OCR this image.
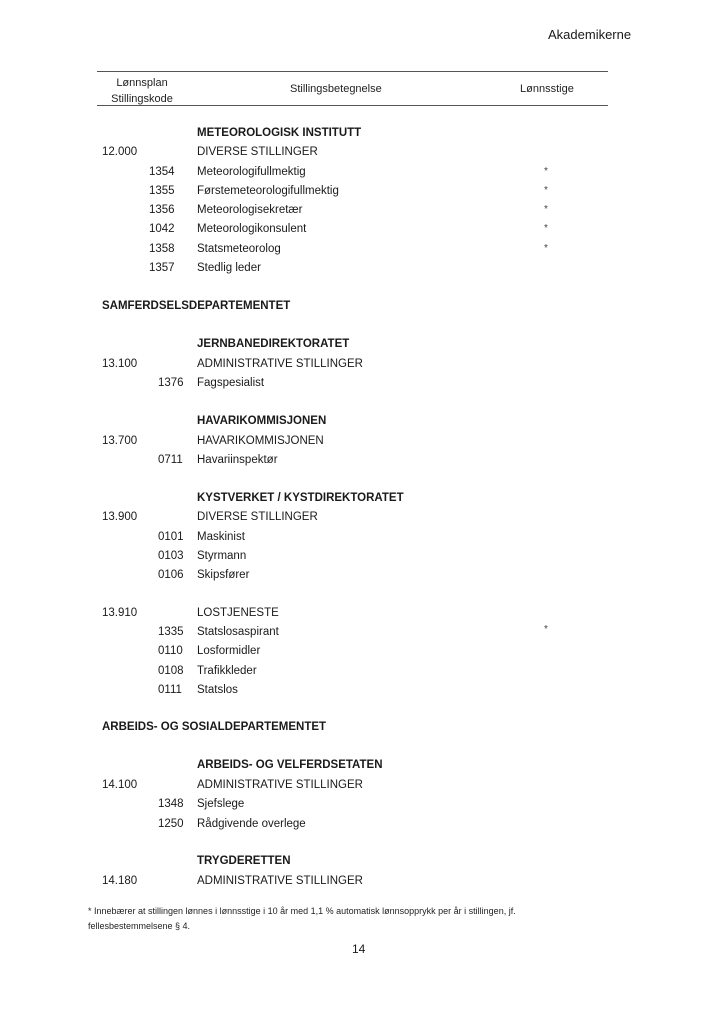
Akademikerne
Lønnsplan
Stillingskode
Stillingsbetegnelse	Lønnsstige
METEOROLOGISK INSTITUTT
12.000	DIVERSE STILLINGER
1354 Meteorologifullmektig	*
1355 Førstemeteorologifullmektig	*
1356 Meteorologisekretær	*
1042 Meteorologikonsulent	*
1358 Statsmeteorolog	*
1357 Stedlig leder
SAMFERDSELSDEPARTEMENTET
JERNBANEDIREKTORATET
13.100	ADMINISTRATIVE STILLINGER
1376 Fagspesialist
HAVARIKOMMISJONEN
13.700	HAVARIKOMMISJONEN
0711 Havariinspektør
KYSTVERKET / KYSTDIREKTORATET
13.900	DIVERSE STILLINGER
0101 Maskinist
0103 Styrmann
0106 Skipsfører
13.910	LOSTJENESTE
1335 Statslosaspirant	*
0110 Losformidler
0108 Trafikkleder
0111 Statslos
ARBEIDS- OG SOSIALDEPARTEMENTET
ARBEIDS- OG VELFERDSETATEN
14.100	ADMINISTRATIVE STILLINGER
1348 Sjefslege
1250 Rådgivende overlege
TRYGDERETTEN
14.180	ADMINISTRATIVE STILLINGER
* Innebærer at stillingen lønnes i lønnsstige i 10 år med 1,1 % automatisk lønnsopprykk per år i stillingen, jf.
fellesbestemmelsene § 4.
14
